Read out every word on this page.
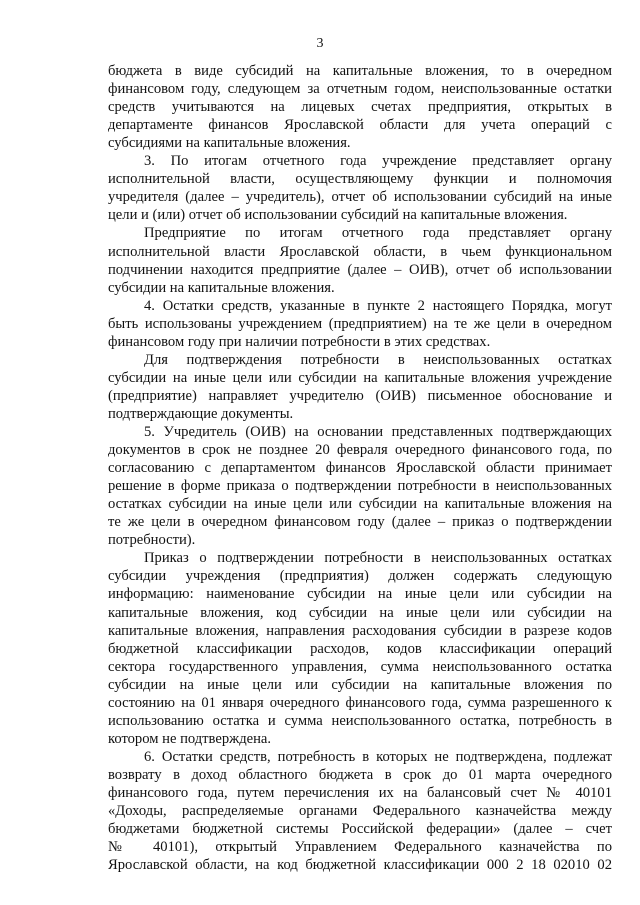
3
бюджета в виде субсидий на капитальные вложения, то в очередном
финансовом году, следующем за отчетным годом, неиспользованные остатки
средств учитываются на лицевых счетах предприятия, открытых в
департаменте финансов Ярославской области для учета операций с
субсидиями на капитальные вложения.
3. По итогам отчетного года учреждение представляет органу
исполнительной власти, осуществляющему функции и полномочия
учредителя (далее – учредитель), отчет об использовании субсидий на иные
цели и (или) отчет об использовании субсидий на капитальные вложения.
Предприятие по итогам отчетного года представляет органу
исполнительной власти Ярославской области, в чьем функциональном
подчинении находится предприятие (далее – ОИВ), отчет об использовании
субсидии на капитальные вложения.
4. Остатки средств, указанные в пункте 2 настоящего Порядка, могут
быть использованы учреждением (предприятием) на те же цели в очередном
финансовом году при наличии потребности в этих средствах.
Для подтверждения потребности в неиспользованных остатках
субсидии на иные цели или субсидии на капитальные вложения учреждение
(предприятие) направляет учредителю (ОИВ) письменное обоснование и
подтверждающие документы.
5. Учредитель (ОИВ) на основании представленных подтверждающих
документов в срок не позднее 20 февраля очередного финансового года, по
согласованию с департаментом финансов Ярославской области принимает
решение в форме приказа о подтверждении потребности в неиспользованных
остатках субсидии на иные цели или субсидии на капитальные вложения на
те же цели в очередном финансовом году (далее – приказ о подтверждении
потребности).
Приказ о подтверждении потребности в неиспользованных остатках
субсидии учреждения (предприятия) должен содержать следующую
информацию: наименование субсидии на иные цели или субсидии на
капитальные вложения, код субсидии на иные цели или субсидии на
капитальные вложения, направления расходования субсидии в разрезе кодов
бюджетной классификации расходов, кодов классификации операций
сектора государственного управления, сумма неиспользованного остатка
субсидии на иные цели или субсидии на капитальные вложения по
состоянию на 01 января очередного финансового года, сумма разрешенного к
использованию остатка и сумма неиспользованного остатка, потребность в
котором не подтверждена.
6. Остатки средств, потребность в которых не подтверждена, подлежат
возврату в доход областного бюджета в срок до 01 марта очередного
финансового года, путем перечисления их на балансовый счет № 40101
«Доходы, распределяемые органами Федерального казначейства между
бюджетами бюджетной системы Российской федерации» (далее – счет
№ 40101), открытый Управлением Федерального казначейства по
Ярославской области, на код бюджетной классификации 000 2 18 02010 02
